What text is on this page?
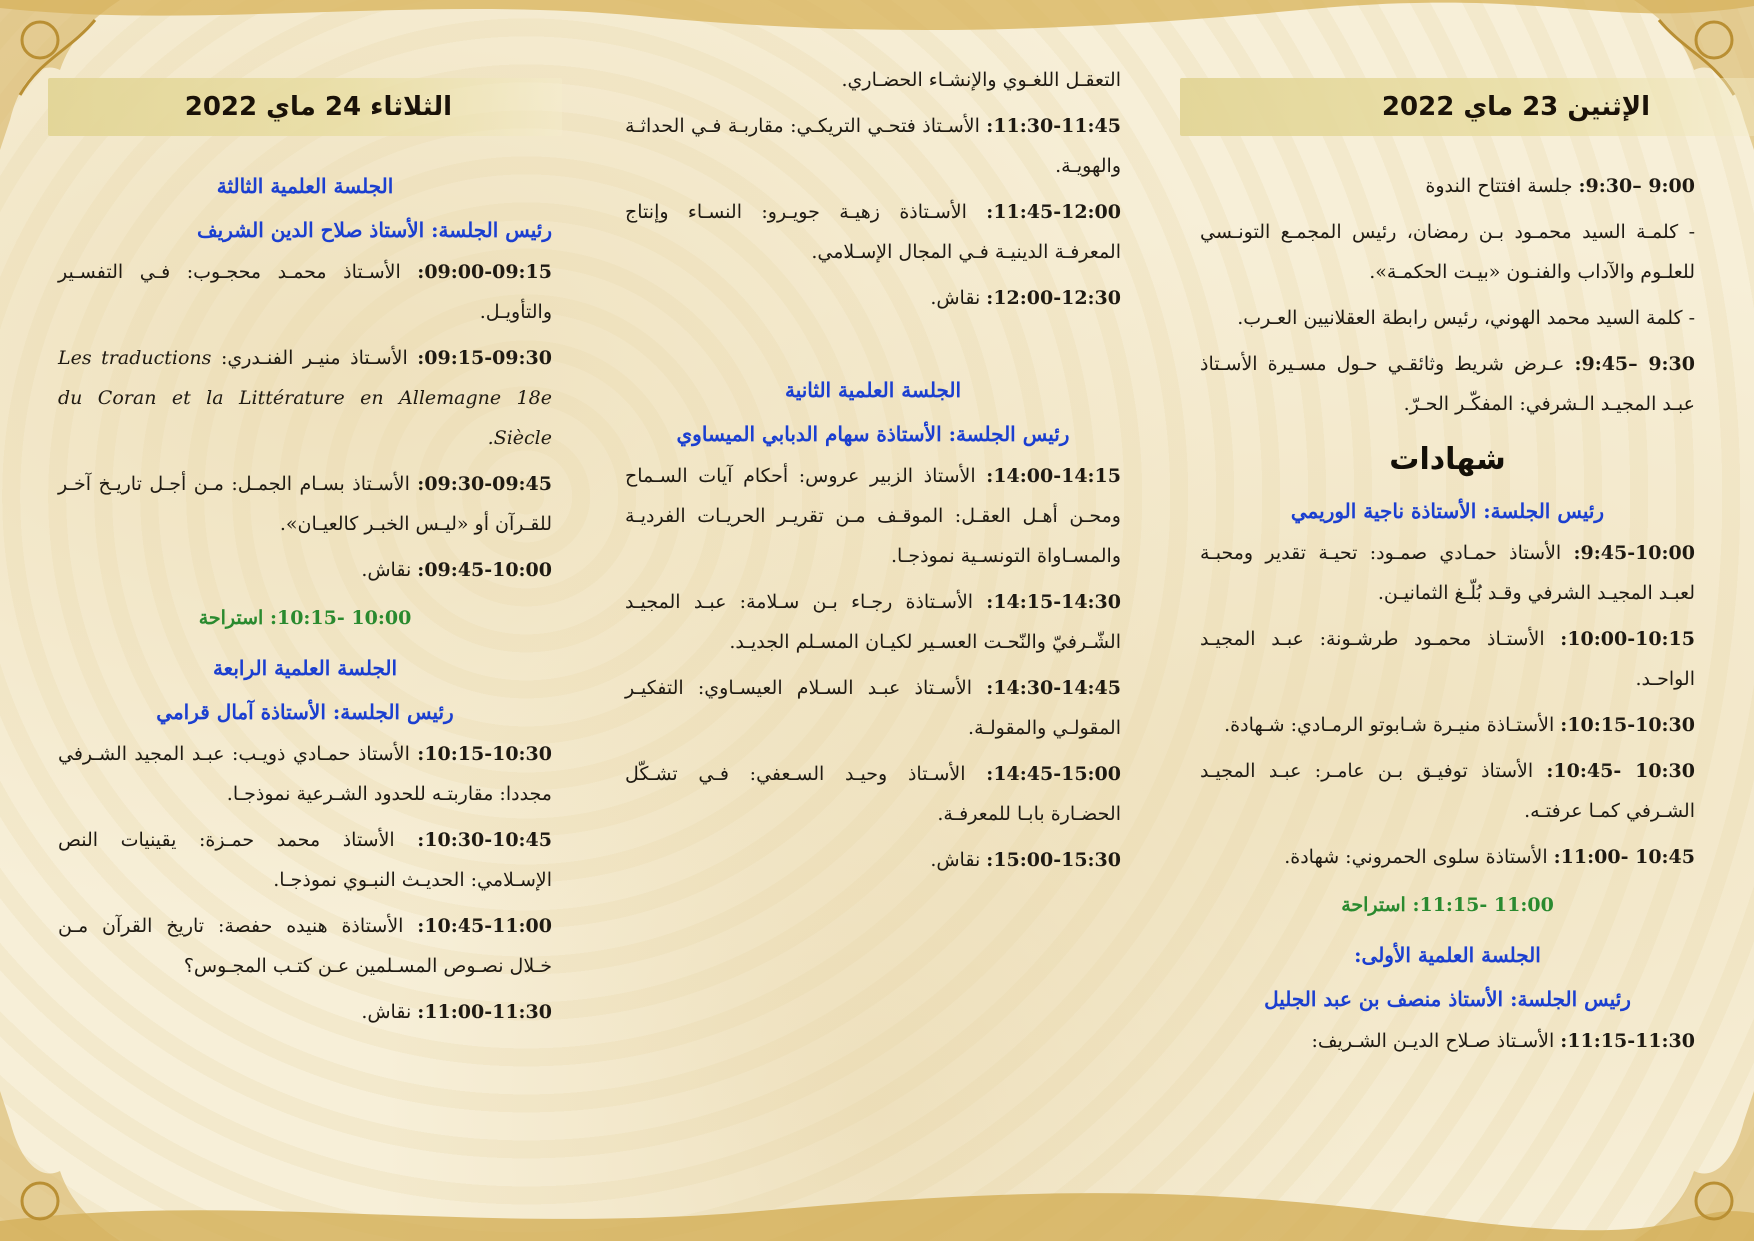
الإثنين 23 ماي 2022

9:00 –9:30: جلسة افتتاح الندوة

- كلمـة السيد محمـود بـن رمضان، رئيس المجمـع التونـسي للعلـوم والآداب والفنـون «بيـت الحكمـة».

- كلمة السيد محمد الهوني، رئيس رابطة العقلانيين العـرب.

9:30 –9:45: عـرض شريط وثائقـي حـول مسـيرة الأسـتاذ عبـد المجيـد الـشرفي: المفكّـر الحـرّ.

شهادات

رئيس الجلسة: الأستاذة ناجية الوريمي

9:45-10:00: الأستاذ حمـادي صمـود: تحيـة تقدير ومحبـة لعبـد المجيـد الشرفي وقـد بُلّـغ الثمانيـن.

10:00-10:15: الأستـاذ محمـود طرشـونة: عبـد المجيـد الواحـد.

10:15-10:30: الأستـاذة منيـرة شـابوتو الرمـادي: شـهادة.

10:30 -10:45: الأستاذ توفيـق بـن عامـر: عبـد المجيـد الشـرفي كمـا عرفتـه.

10:45 -11:00: الأستاذة سلوى الحمروني: شهادة.

11:00 -11:15: استراحة

الجلسة العلمية الأولى:

رئيس الجلسة: الأستاذ منصف بن عبد الجليل

11:15-11:30: الأسـتاذ صـلاح الديـن الشـريف:

التعقـل اللغـوي والإنشـاء الحضـاري.

11:30-11:45: الأسـتاذ فتحـي التريكـي: مقاربـة فـي الحداثـة والهويـة.

11:45-12:00: الأسـتاذة زهيـة جويـرو: النسـاء وإنتاج المعرفـة الدينيـة فـي المجال الإسـلامي.

12:00-12:30: نقاش.

الجلسة العلمية الثانية

رئيس الجلسة: الأستاذة سهام الدبابي الميساوي

14:00-14:15: الأستاذ الزبير عروس: أحكام آيات السـماح ومحـن أهـل العقـل: الموقـف مـن تقريـر الحريـات الفرديـة والمسـاواة التونسـية نموذجـا.

14:15-14:30: الأسـتاذة رجـاء بـن سـلامة: عبـد المجيـد الشّـرفيّ والنّحـت العسـير لكيـان المسـلم الجديـد.

14:30-14:45: الأسـتاذ عبـد السـلام العيسـاوي: التفكيـر المقولـي والمقولـة.

14:45-15:00: الأسـتاذ وحيـد السـعفي: فـي تشـكّل الحضـارة بابـا للمعرفـة.

15:00-15:30: نقاش.

الثلاثاء 24 ماي 2022

الجلسة العلمية الثالثة

رئيس الجلسة: الأستاذ صلاح الدين الشريف

09:00-09:15: الأسـتاذ محمـد محجـوب: فـي التفسـير والتأويـل.

09:15-09:30: الأسـتاذ منيـر الفنـدري: Les traductions du Coran et la Littérature en Allemagne 18e Siècle.

09:30-09:45: الأسـتاذ بسـام الجمـل: مـن أجـل تاريـخ آخـر للقـرآن أو «ليـس الخبـر كالعيـان».

09:45-10:00: نقاش.

10:00 -10:15: استراحة

الجلسة العلمية الرابعة

رئيس الجلسة: الأستاذة آمال قرامي

10:15-10:30: الأستاذ حمـادي ذويـب: عبـد المجيد الشـرفي مجددا: مقاربتـه للحدود الشـرعية نموذجـا.

10:30-10:45: الأستاذ محمد حمـزة: يقينيات النص الإسـلامي: الحديـث النبـوي نموذجـا.

10:45-11:00: الأستاذة هنيده حفصة: تاريخ القرآن مـن خـلال نصـوص المسـلمين عـن كتـب المجـوس؟

11:00-11:30: نقاش.
